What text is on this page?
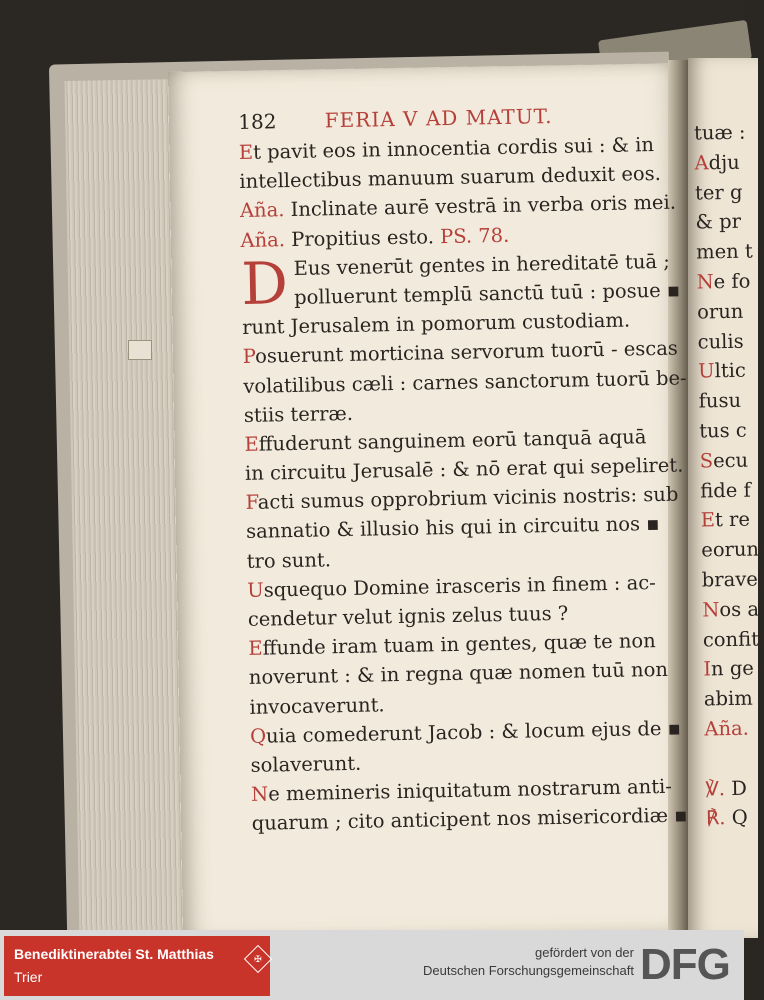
182 FERIA V AD MATUT.
Et pavit eos in innocentia cordis sui : & in
intellectibus manuum suarum deduxit eos.
Aña. Inclinate aurē vestrā in verba oris mei.
Aña. Propitius esto. PS. 78.
D Eus venerūt gentes in hereditatē tuā ;
polluerunt templū sanctū tuū : posue ▪
runt Jerusalem in pomorum custodiam.
Posuerunt morticina servorum tuorū - escas
volatilibus cæli : carnes sanctorum tuorū be-
stiis terræ.
Effuderunt sanguinem eorū tanquā aquā
in circuitu Jerusalē : & nō erat qui sepeliret.
Facti sumus opprobrium vicinis nostris: sub
sannatio & illusio his qui in circuitu nos ▪
tro sunt.
Usquequo Domine irasceris in finem : ac-
cendetur velut ignis zelus tuus ?
Effunde iram tuam in gentes, quæ te non
noverunt : & in regna quæ nomen tuū non
invocaverunt.
Quia comederunt Jacob : & locum ejus de ▪
solaverunt.
Ne memineris iniquitatum nostrarum anti-
quarum ; cito anticipent nos misericordiæ ▪
tuæ :
Adju
ter g
& pr
men t
Ne fo
orun
culis
Ultic
fusu
tus c
Secu
fide f
Et re
eorun
brave
Nos a
confit
In ge
abim
Aña.
℣. D
℟. Q
Benediktinerabtei St. Matthias
Trier
✠	gefördert von der
Deutschen Forschungsgemeinschaft DFG
